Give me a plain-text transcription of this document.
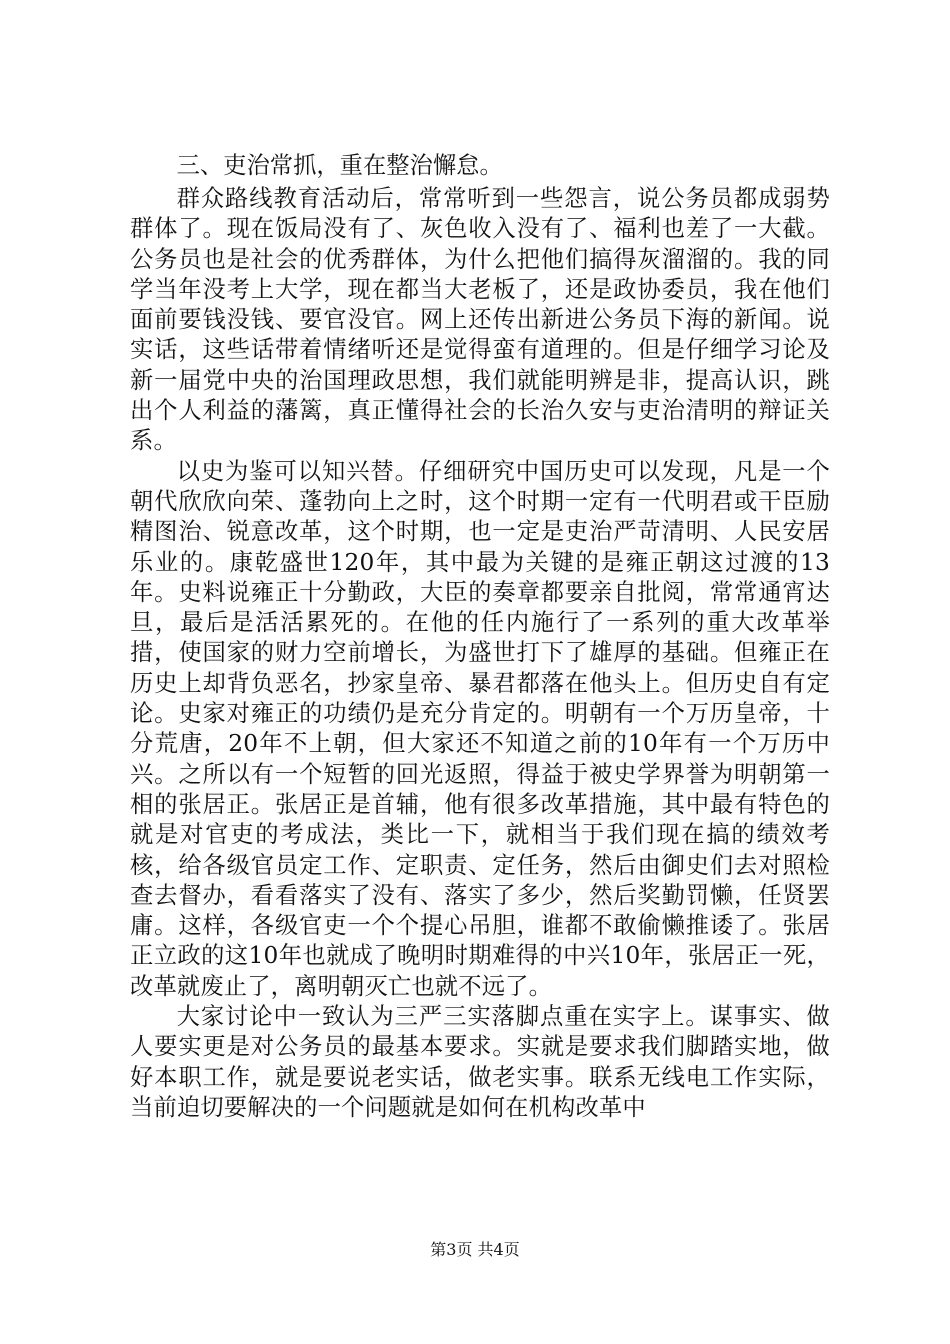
三、吏治常抓，重在整治懈怠。

群众路线教育活动后，常常听到一些怨言，说公务员都成弱势群体了。现在饭局没有了、灰色收入没有了、福利也差了一大截。公务员也是社会的优秀群体，为什么把他们搞得灰溜溜的。我的同学当年没考上大学，现在都当大老板了，还是政协委员，我在他们面前要钱没钱、要官没官。网上还传出新进公务员下海的新闻。说实话，这些话带着情绪听还是觉得蛮有道理的。但是仔细学习论及新一届党中央的治国理政思想，我们就能明辨是非，提高认识，跳出个人利益的藩篱，真正懂得社会的长治久安与吏治清明的辩证关系。

以史为鉴可以知兴替。仔细研究中国历史可以发现，凡是一个朝代欣欣向荣、蓬勃向上之时，这个时期一定有一代明君或干臣励精图治、锐意改革，这个时期，也一定是吏治严苛清明、人民安居乐业的。康乾盛世120年，其中最为关键的是雍正朝这过渡的13年。史料说雍正十分勤政，大臣的奏章都要亲自批阅，常常通宵达旦，最后是活活累死的。在他的任内施行了一系列的重大改革举措，使国家的财力空前增长，为盛世打下了雄厚的基础。但雍正在历史上却背负恶名，抄家皇帝、暴君都落在他头上。但历史自有定论。史家对雍正的功绩仍是充分肯定的。明朝有一个万历皇帝，十分荒唐，20年不上朝，但大家还不知道之前的10年有一个万历中兴。之所以有一个短暂的回光返照，得益于被史学界誉为明朝第一相的张居正。张居正是首辅，他有很多改革措施，其中最有特色的就是对官吏的考成法，类比一下，就相当于我们现在搞的绩效考核，给各级官员定工作、定职责、定任务，然后由御史们去对照检查去督办，看看落实了没有、落实了多少，然后奖勤罚懒，任贤罢庸。这样，各级官吏一个个提心吊胆，谁都不敢偷懒推诿了。张居正立政的这10年也就成了晚明时期难得的中兴10年，张居正一死，改革就废止了，离明朝灭亡也就不远了。

大家讨论中一致认为三严三实落脚点重在实字上。谋事实、做人要实更是对公务员的最基本要求。实就是要求我们脚踏实地，做好本职工作，就是要说老实话，做老实事。联系无线电工作实际，当前迫切要解决的一个问题就是如何在机构改革中

第3页 共4页
